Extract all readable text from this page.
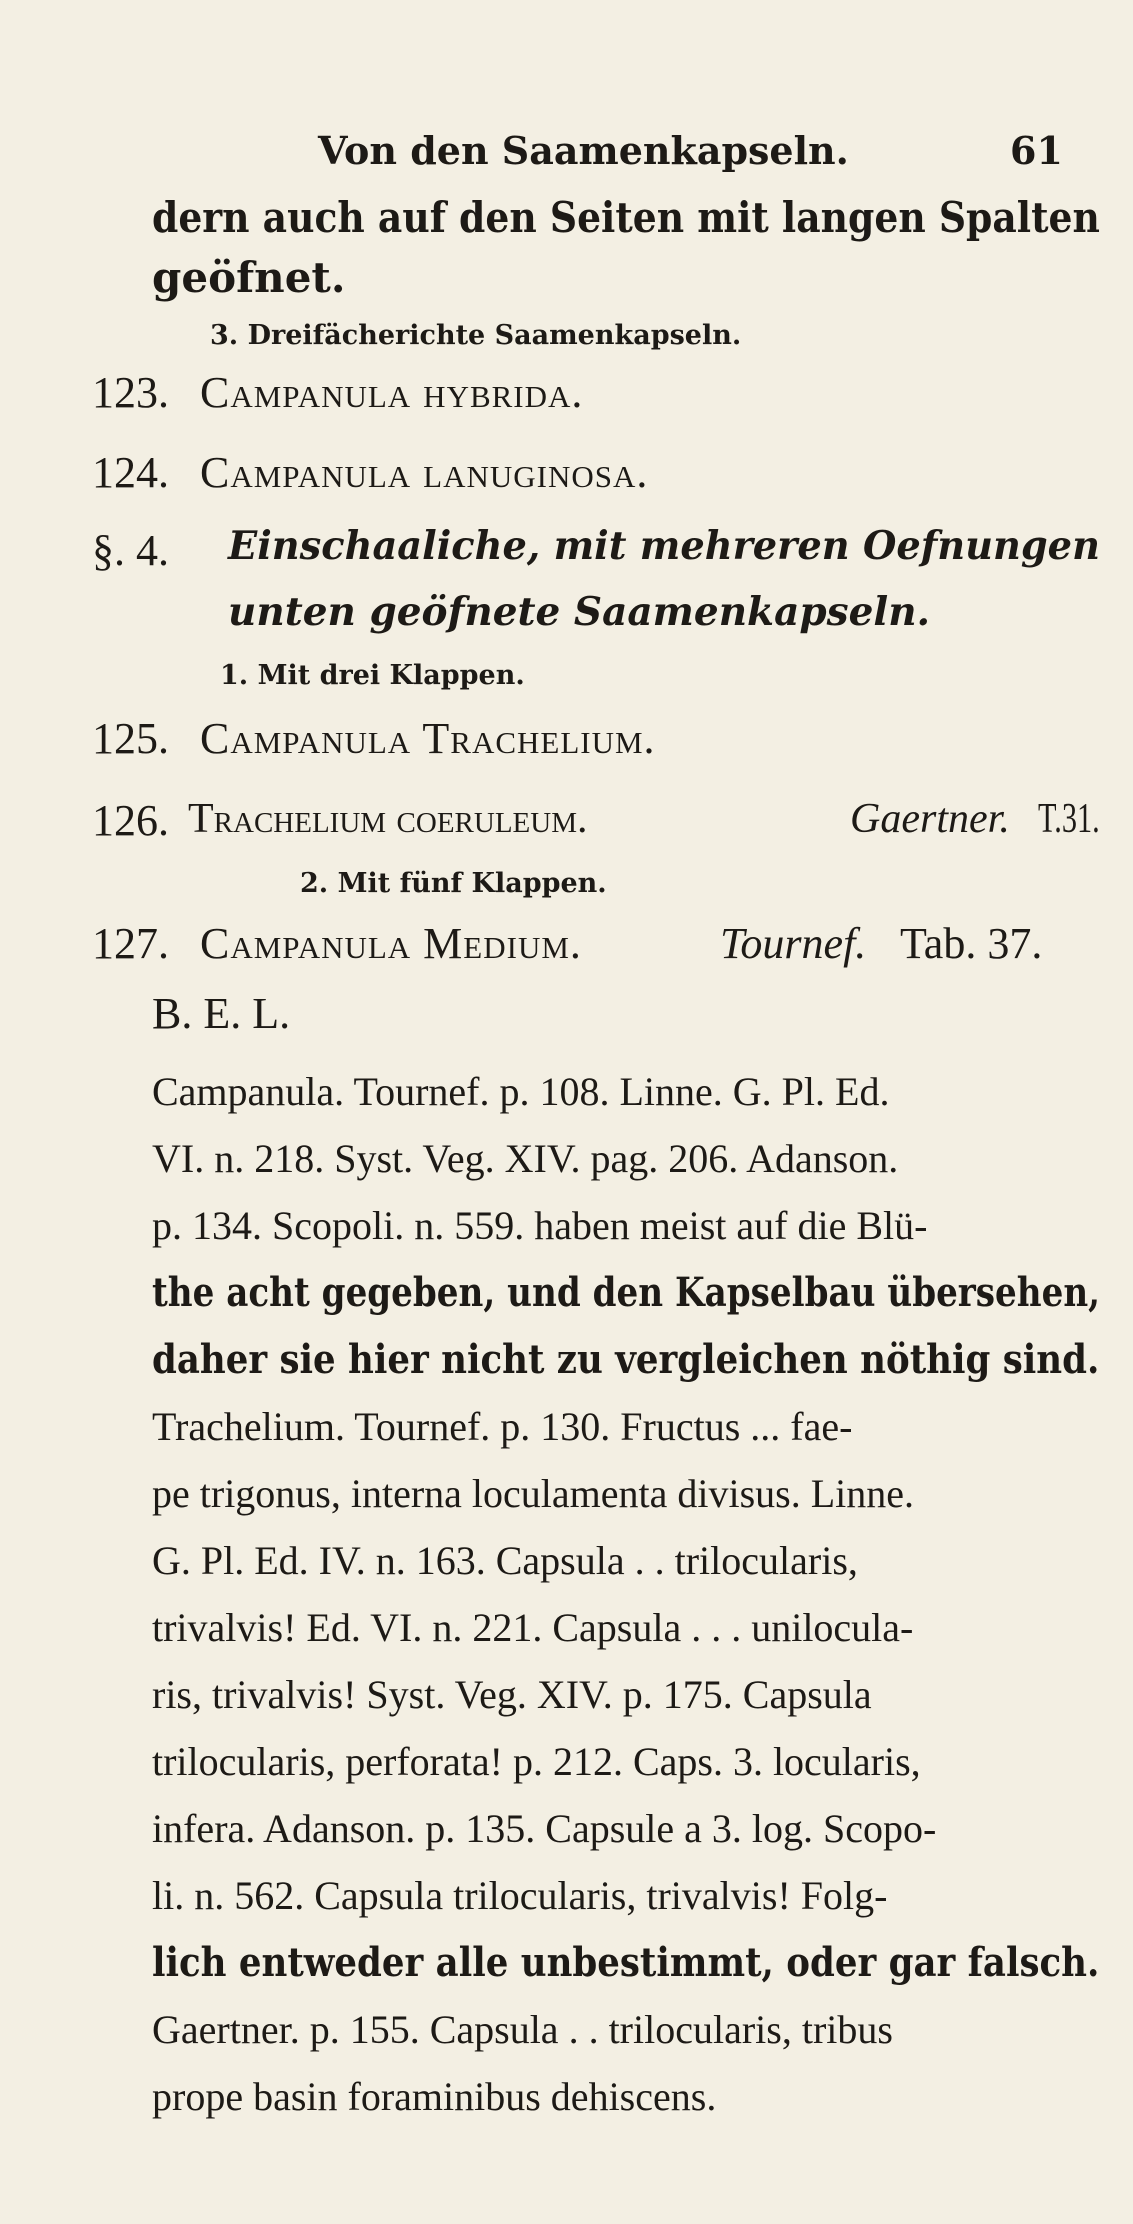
Von den Saamenkapseln.	61
dern auch auf den Seiten mit langen Spalten
geöfnet.
3. Dreifächerichte Saamenkapseln.
123. Campanula hybrida.
124. Campanula lanuginosa.
§. 4. Einschaaliche, mit mehreren Oefnungen
unten geöfnete Saamenkapseln.
1. Mit drei Klappen.
125. Campanula Trachelium.
126. Trachelium coeruleum.	Gaertner. T.31.
2. Mit fünf Klappen.
127. Campanula Medium.	Tournef. Tab. 37.
B. E. L.
Campanula. Tournef. p. 108. Linne. G. Pl. Ed.
VI. n. 218. Syst. Veg. XIV. pag. 206. Adanson.
p. 134. Scopoli. n. 559. haben meist auf die Blü-
the acht gegeben, und den Kapselbau übersehen,
daher sie hier nicht zu vergleichen nöthig sind.
Trachelium. Tournef. p. 130. Fructus ... fae-
pe trigonus, interna loculamenta divisus. Linne.
G. Pl. Ed. IV. n. 163. Capsula . . trilocularis,
trivalvis! Ed. VI. n. 221. Capsula . . . unilocula-
ris, trivalvis! Syst. Veg. XIV. p. 175. Capsula
trilocularis, perforata! p. 212. Caps. 3. locularis,
infera. Adanson. p. 135. Capsule a 3. log. Scopo-
li. n. 562. Capsula trilocularis, trivalvis! Folg-
lich entweder alle unbestimmt, oder gar falsch.
Gaertner. p. 155. Capsula . . trilocularis, tribus
prope basin foraminibus dehiscens.
